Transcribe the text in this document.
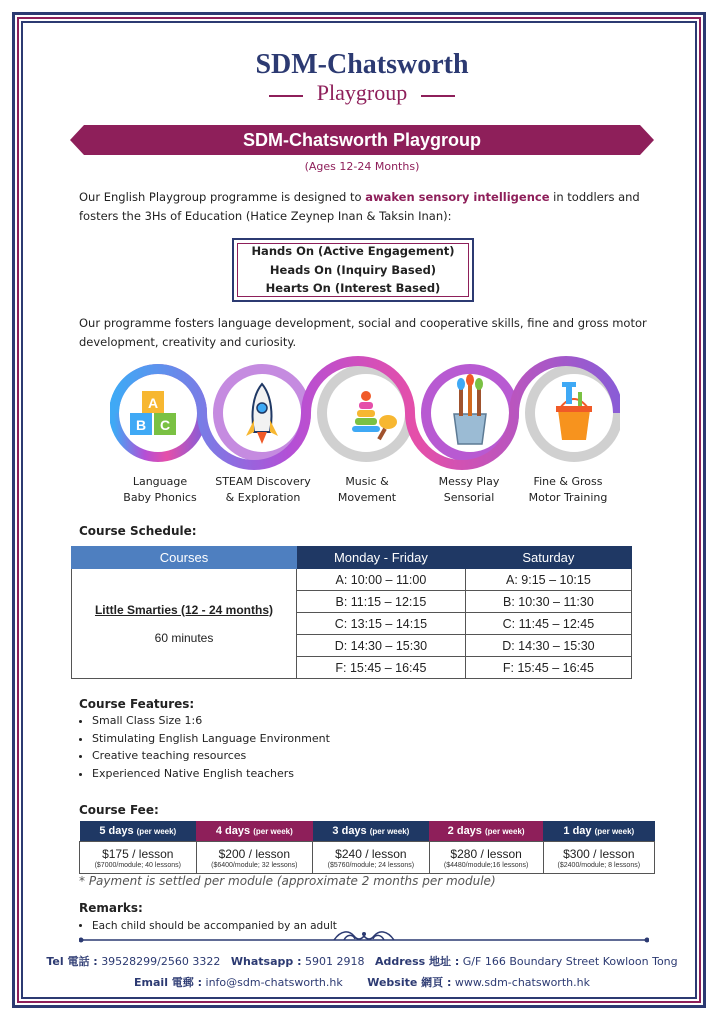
SDM-Chatsworth
Playgroup
SDM-Chatsworth Playgroup
(Ages 12-24 Months)
Our English Playgroup programme is designed to awaken sensory intelligence in toddlers and fosters the 3Hs of Education (Hatice Zeynep Inan & Taksin Inan):
Hands On (Active Engagement)
Heads On (Inquiry Based)
Hearts On (Interest Based)
Our programme fosters language development, social and cooperative skills, fine and gross motor development, creativity and curiosity.
A
B C
Language
Baby Phonics
STEAM Discovery
& Exploration
Music &
Movement
Messy Play
Sensorial
Fine & Gross
Motor Training
Course Schedule:
Courses	Monday - Friday	Saturday

Little Smarties (12 - 24 months)
60 minutes	A: 10:00 – 11:00	A: 9:15 – 10:15
	B: 11:15 – 12:15	B: 10:30 – 11:30
	C: 13:15 – 14:15	C: 11:45 – 12:45
	D: 14:30 – 15:30	D: 14:30 – 15:30
	F: 15:45 – 16:45	F: 15:45 – 16:45
Course Features:
• Small Class Size 1:6
• Stimulating English Language Environment
• Creative teaching resources
• Experienced Native English teachers
Course Fee:
5 days (per week)	4 days (per week)	3 days (per week)	2 days (per week)	1 day (per week)

$175 / lesson
($7000/module; 40 lessons)	$200 / lesson
($6400/module; 32 lessons)	$240 / lesson
($5760/module; 24 lessons)	$280 / lesson
($4480/module;16 lessons)	$300 / lesson
($2400/module; 8 lessons)
* Payment is settled per module (approximate 2 months per module)
Remarks:
• Each child should be accompanied by an adult
Tel 電話 : 39528299/2560 3322 Whatsapp : 5901 2918 Address 地址 : G/F 166 Boundary Street Kowloon Tong
Email 電郵 : info@sdm-chatsworth.hk Website 網頁 : www.sdm-chatsworth.hk
